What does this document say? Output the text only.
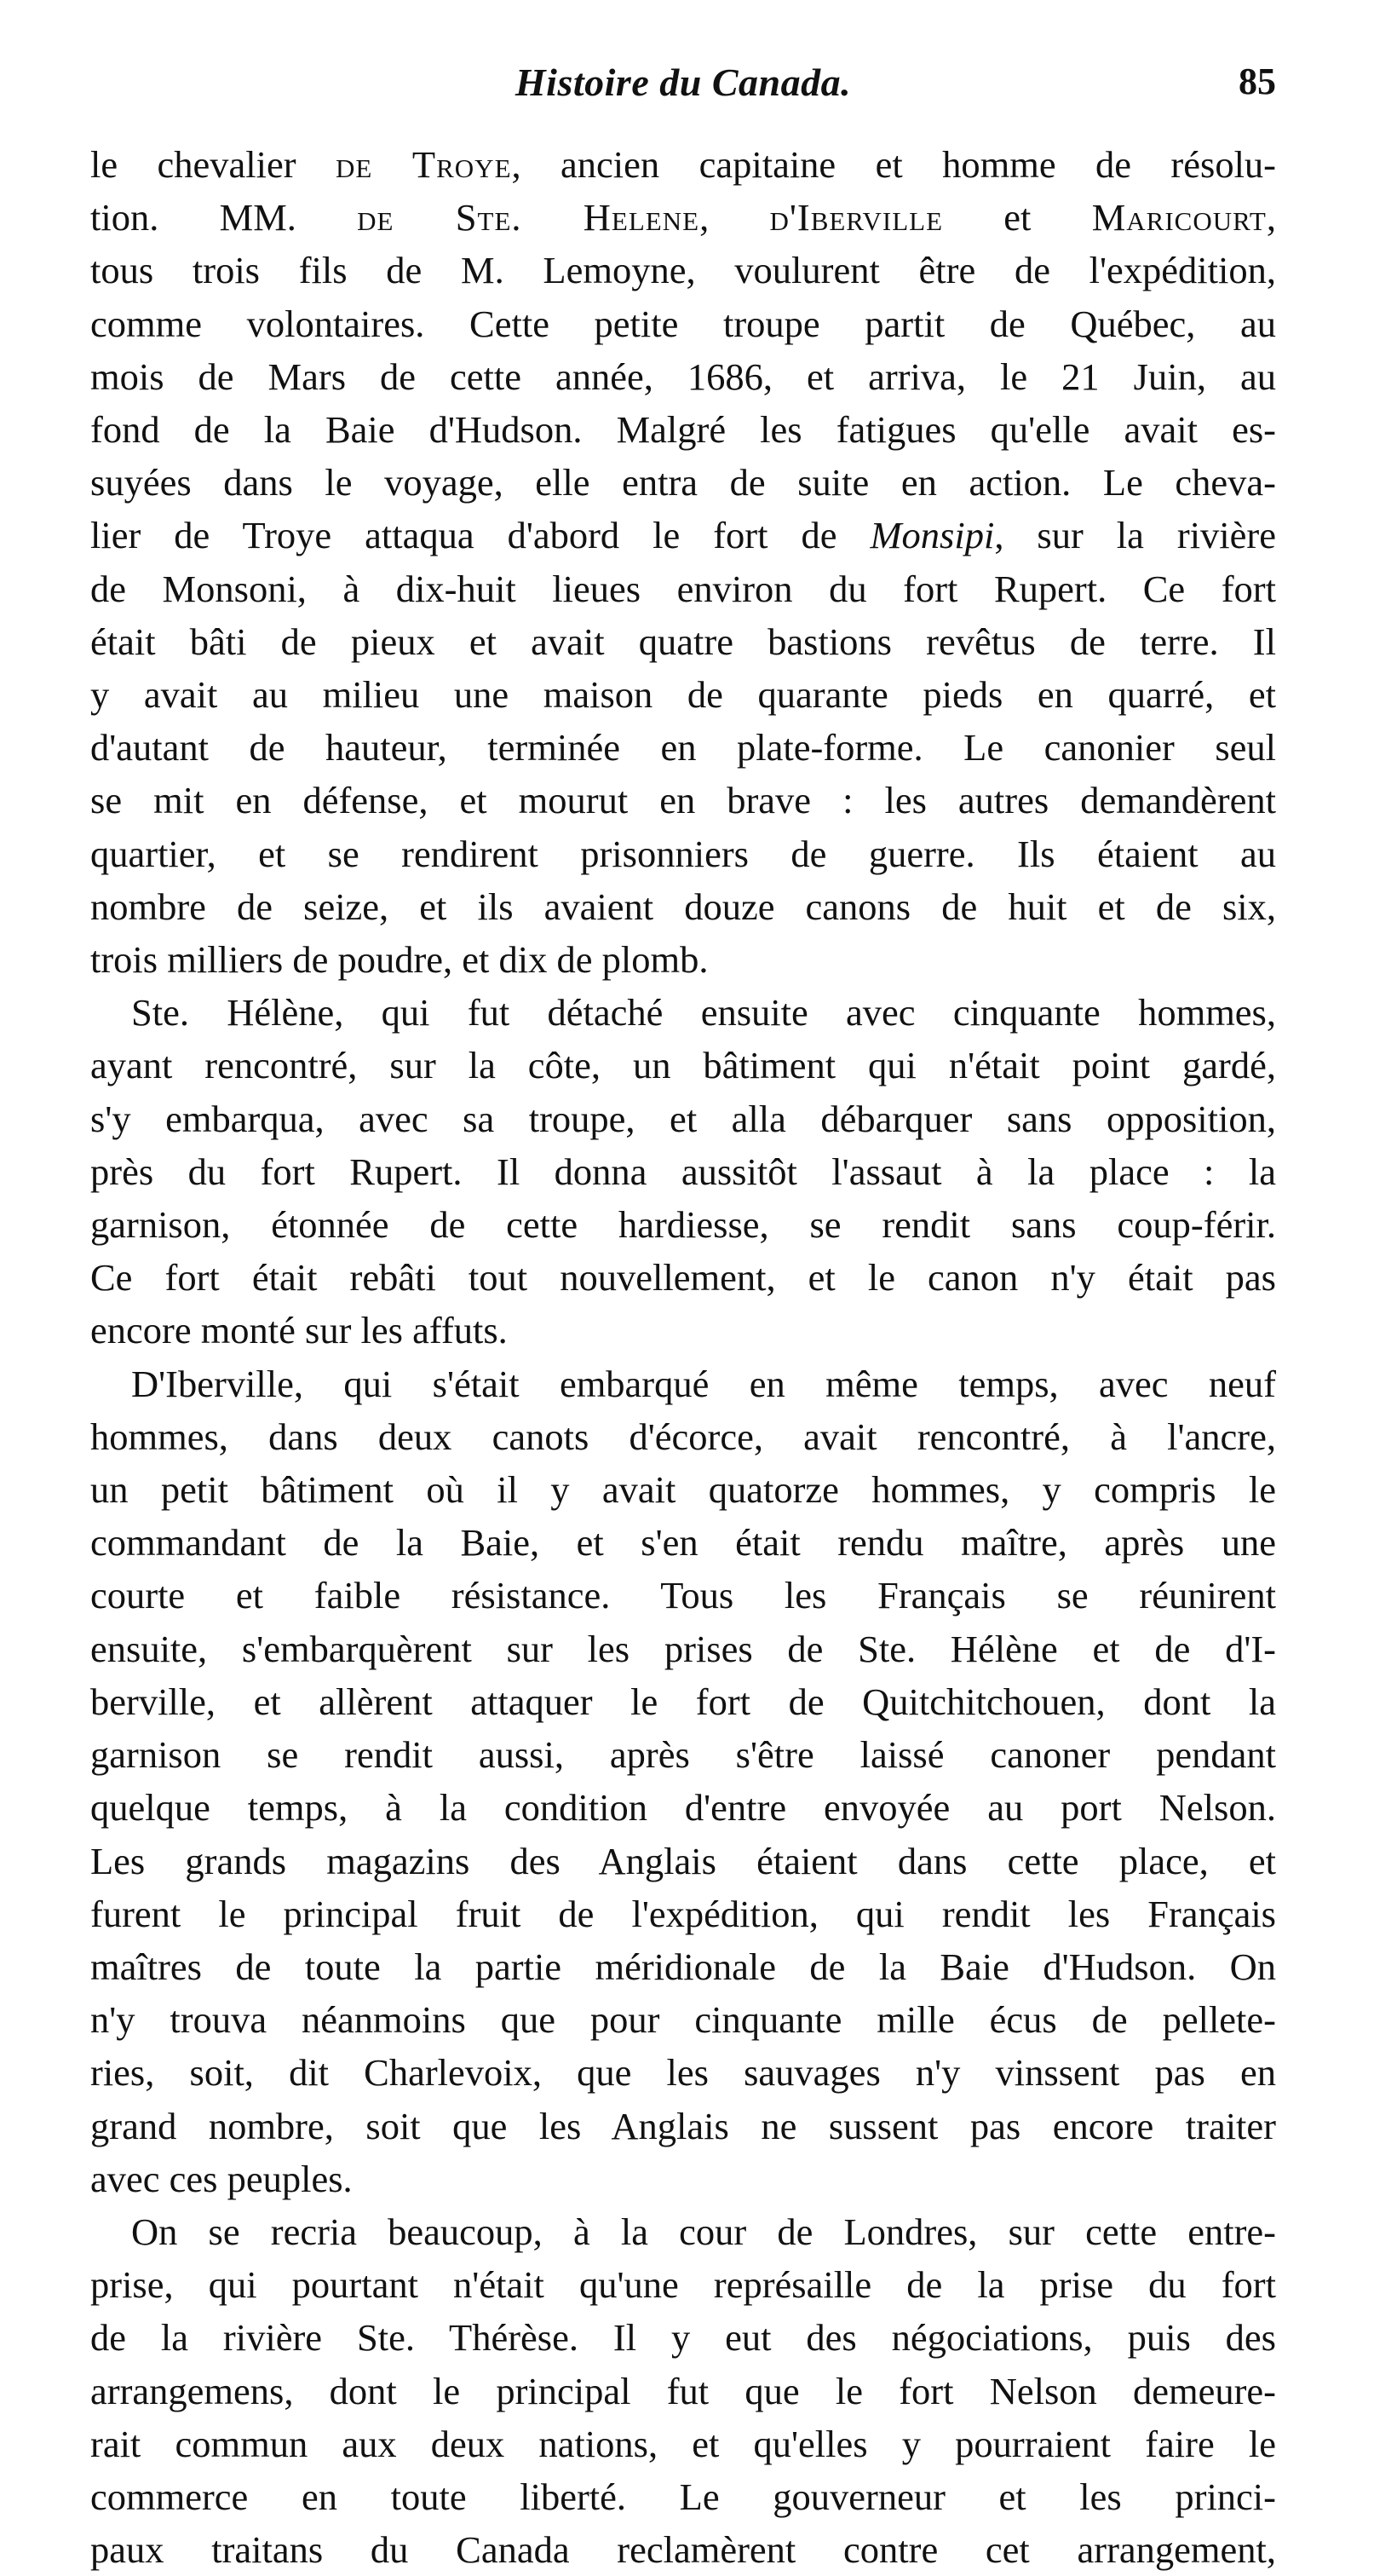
Histoire du Canada.	85
le chevalier de Troye, ancien capitaine et homme de résolu-
tion. MM. de Ste. Helene, d'Iberville et Maricourt,
tous trois fils de M. Lemoyne, voulurent être de l'expédition,
comme volontaires. Cette petite troupe partit de Québec, au
mois de Mars de cette année, 1686, et arriva, le 21 Juin, au
fond de la Baie d'Hudson. Malgré les fatigues qu'elle avait es-
suyées dans le voyage, elle entra de suite en action. Le cheva-
lier de Troye attaqua d'abord le fort de Monsipi, sur la rivière
de Monsoni, à dix-huit lieues environ du fort Rupert. Ce fort
était bâti de pieux et avait quatre bastions revêtus de terre. Il
y avait au milieu une maison de quarante pieds en quarré, et
d'autant de hauteur, terminée en plate-forme. Le canonier seul
se mit en défense, et mourut en brave : les autres demandèrent
quartier, et se rendirent prisonniers de guerre. Ils étaient au
nombre de seize, et ils avaient douze canons de huit et de six,
trois milliers de poudre, et dix de plomb.
Ste. Hélène, qui fut détaché ensuite avec cinquante hommes,
ayant rencontré, sur la côte, un bâtiment qui n'était point gardé,
s'y embarqua, avec sa troupe, et alla débarquer sans opposition,
près du fort Rupert. Il donna aussitôt l'assaut à la place : la
garnison, étonnée de cette hardiesse, se rendit sans coup-férir.
Ce fort était rebâti tout nouvellement, et le canon n'y était pas
encore monté sur les affuts.
D'Iberville, qui s'était embarqué en même temps, avec neuf
hommes, dans deux canots d'écorce, avait rencontré, à l'ancre,
un petit bâtiment où il y avait quatorze hommes, y compris le
commandant de la Baie, et s'en était rendu maître, après une
courte et faible résistance. Tous les Français se réunirent
ensuite, s'embarquèrent sur les prises de Ste. Hélène et de d'I-
berville, et allèrent attaquer le fort de Quitchitchouen, dont la
garnison se rendit aussi, après s'être laissé canoner pendant
quelque temps, à la condition d'entre envoyée au port Nelson.
Les grands magazins des Anglais étaient dans cette place, et
furent le principal fruit de l'expédition, qui rendit les Français
maîtres de toute la partie méridionale de la Baie d'Hudson. On
n'y trouva néanmoins que pour cinquante mille écus de pellete-
ries, soit, dit Charlevoix, que les sauvages n'y vinssent pas en
grand nombre, soit que les Anglais ne sussent pas encore traiter
avec ces peuples.
On se recria beaucoup, à la cour de Londres, sur cette entre-
prise, qui pourtant n'était qu'une représaille de la prise du fort
de la rivière Ste. Thérèse. Il y eut des négociations, puis des
arrangemens, dont le principal fut que le fort Nelson demeure-
rait commun aux deux nations, et qu'elles y pourraient faire le
commerce en toute liberté. Le gouverneur et les princi-
paux traitans du Canada reclamèrent contre cet arrangement,
